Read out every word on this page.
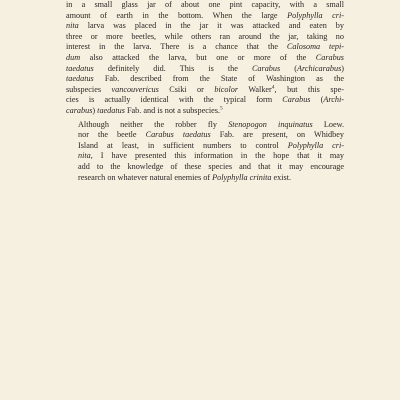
in a small glass jar of about one pint capacity, with a small
amount of earth in the bottom. When the large Polyphylla cri-
nita larva was placed in the jar it was attacked and eaten by
three or more beetles, while others ran around the jar, taking no
interest in the larva. There is a chance that the Calosoma tepi-
dum also attacked the larva, but one or more of the Carabus
taedatus definitely did. This is the Carabus (Archicarabus)
taedatus Fab. described from the State of Washington as the
subspecies vancouvericus Csiki or bicolor Walker$^4$, but this spe-
cies is actually identical with the typical form Carabus (Archi-
carabus) taedatus Fab. and is not a subspecies.$^5$

Although neither the robber fly Stenopogon inquinatus Loew.
nor the beetle Carabus taedatus Fab. are present, on Whidbey
Island at least, in sufficient numbers to control Polyphylla cri-
nita, I have presented this information in the hope that it may
add to the knowledge of these species and that it may encourage
research on whatever natural enemies of Polyphylla crinita exist.
